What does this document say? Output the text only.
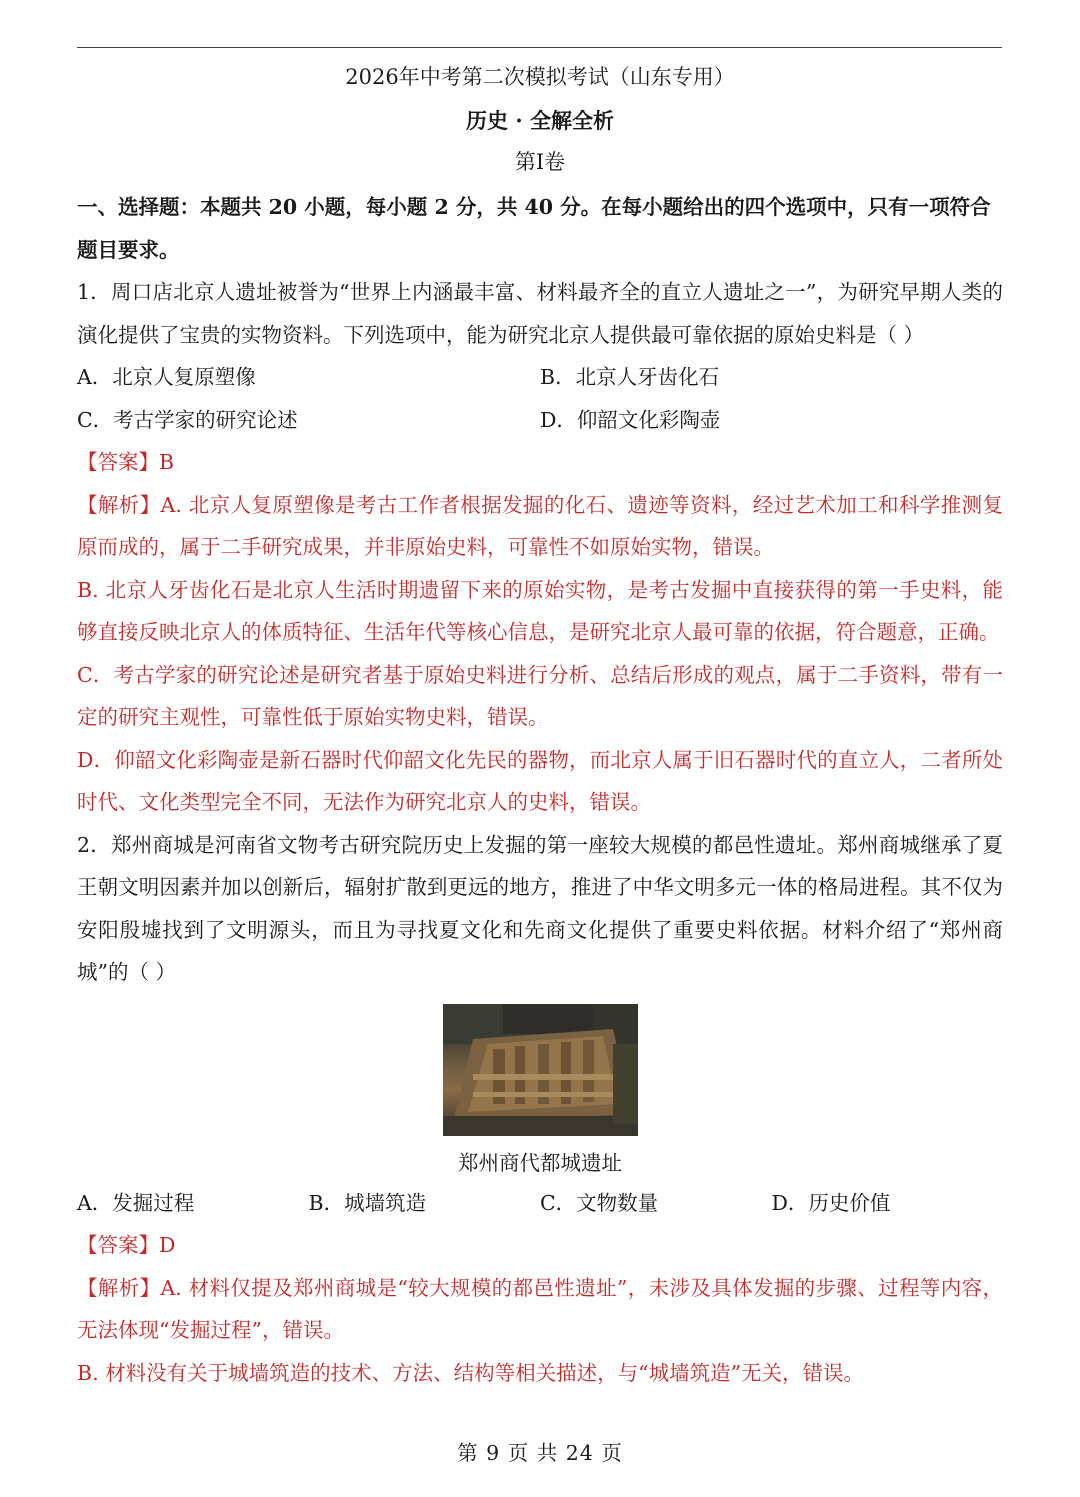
2026年中考第二次模拟考试（山东专用）
历史 · 全解全析
第Ⅰ卷

一、选择题：本题共 20 小题，每小题 2 分，共 40 分。在每小题给出的四个选项中，只有一项符合
题目要求。

1．周口店北京人遗址被誉为“世界上内涵最丰富、材料最齐全的直立人遗址之一”，为研究早期人类的演化提供了宝贵的实物资料。下列选项中，能为研究北京人提供最可靠依据的原始史料是（ ）

A．北京人复原塑像	B．北京人牙齿化石
C．考古学家的研究论述	D．仰韶文化彩陶壶

【答案】B

【解析】A. 北京人复原塑像是考古工作者根据发掘的化石、遗迹等资料，经过艺术加工和科学推测复原而成的，属于二手研究成果，并非原始史料，可靠性不如原始实物，错误。

B. 北京人牙齿化石是北京人生活时期遗留下来的原始实物，是考古发掘中直接获得的第一手史料，能够直接反映北京人的体质特征、生活年代等核心信息，是研究北京人最可靠的依据，符合题意，正确。

C．考古学家的研究论述是研究者基于原始史料进行分析、总结后形成的观点，属于二手资料，带有一定的研究主观性，可靠性低于原始实物史料，错误。

D．仰韶文化彩陶壶是新石器时代仰韶文化先民的器物，而北京人属于旧石器时代的直立人，二者所处时代、文化类型完全不同，无法作为研究北京人的史料，错误。

2．郑州商城是河南省文物考古研究院历史上发掘的第一座较大规模的都邑性遗址。郑州商城继承了夏王朝文明因素并加以创新后，辐射扩散到更远的地方，推进了中华文明多元一体的格局进程。其不仅为安阳殷墟找到了文明源头，而且为寻找夏文化和先商文化提供了重要史料依据。材料介绍了“郑州商城”的（ ）

郑州商代都城遗址
A．发掘过程	B．城墙筑造	C．文物数量	D．历史价值

【答案】D

【解析】A. 材料仅提及郑州商城是“较大规模的都邑性遗址”，未涉及具体发掘的步骤、过程等内容，无法体现“发掘过程”，错误。

B. 材料没有关于城墙筑造的技术、方法、结构等相关描述，与“城墙筑造”无关，错误。

第 9 页 共 24 页
